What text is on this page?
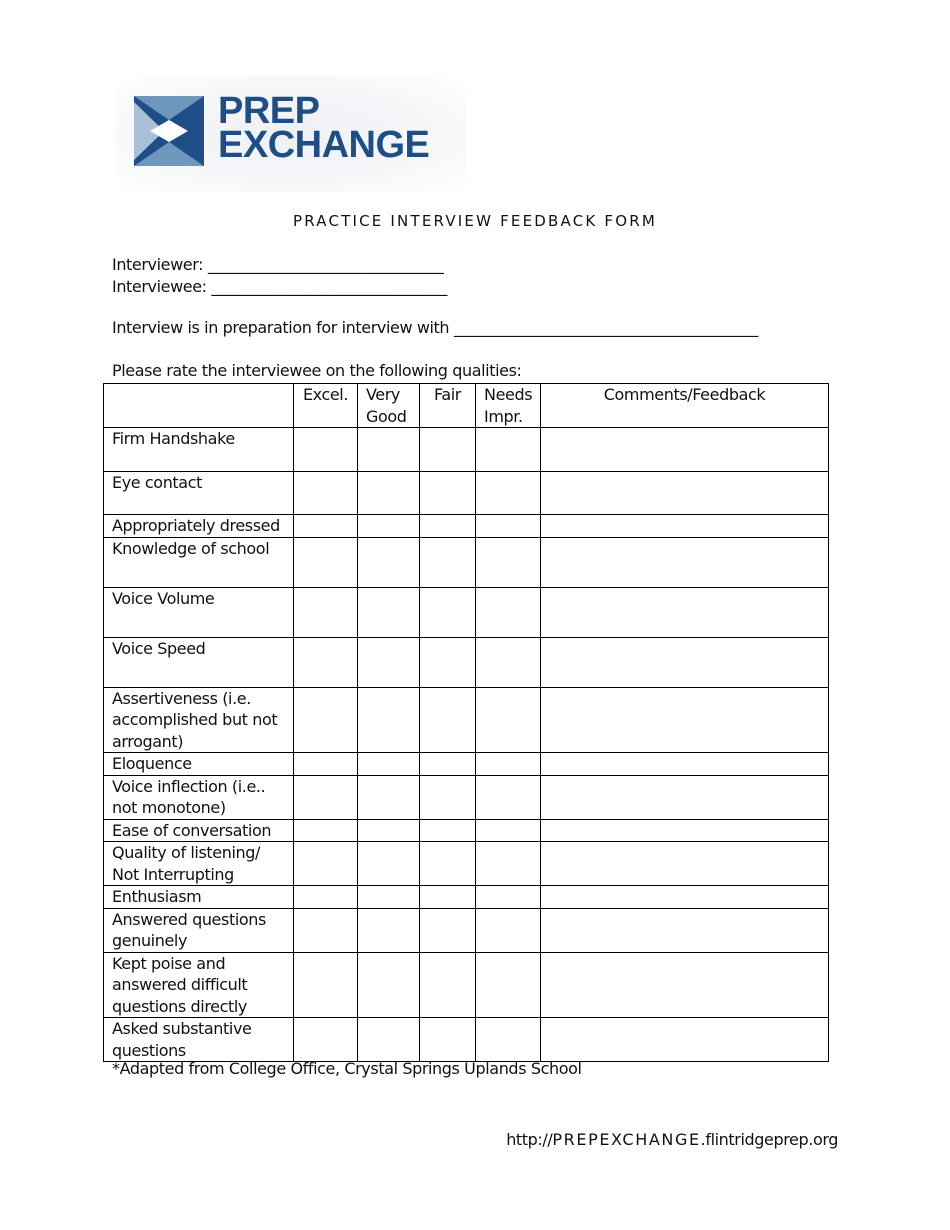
PREP
EXCHANGE
PRACTICE INTERVIEW FEEDBACK FORM
Interviewer: _______________________________
Interviewee: _______________________________
Interview is in preparation for interview with ________________________________________
Please rate the interviewee on the following qualities:
	Excel.	Very Good	Fair	Needs Impr.	Comments/Feedback
Firm Handshake					
Eye contact					
Appropriately dressed					
Knowledge of school					
Voice Volume					
Voice Speed					
Assertiveness (i.e. accomplished but not arrogant)					
Eloquence					
Voice inflection (i.e.. not monotone)					
Ease of conversation					
Quality of listening/ Not Interrupting					
Enthusiasm					
Answered questions genuinely					
Kept poise and answered difficult questions directly					
Asked substantive questions					
*Adapted from College Office, Crystal Springs Uplands School
http://PREPEXCHANGE.flintridgeprep.org
